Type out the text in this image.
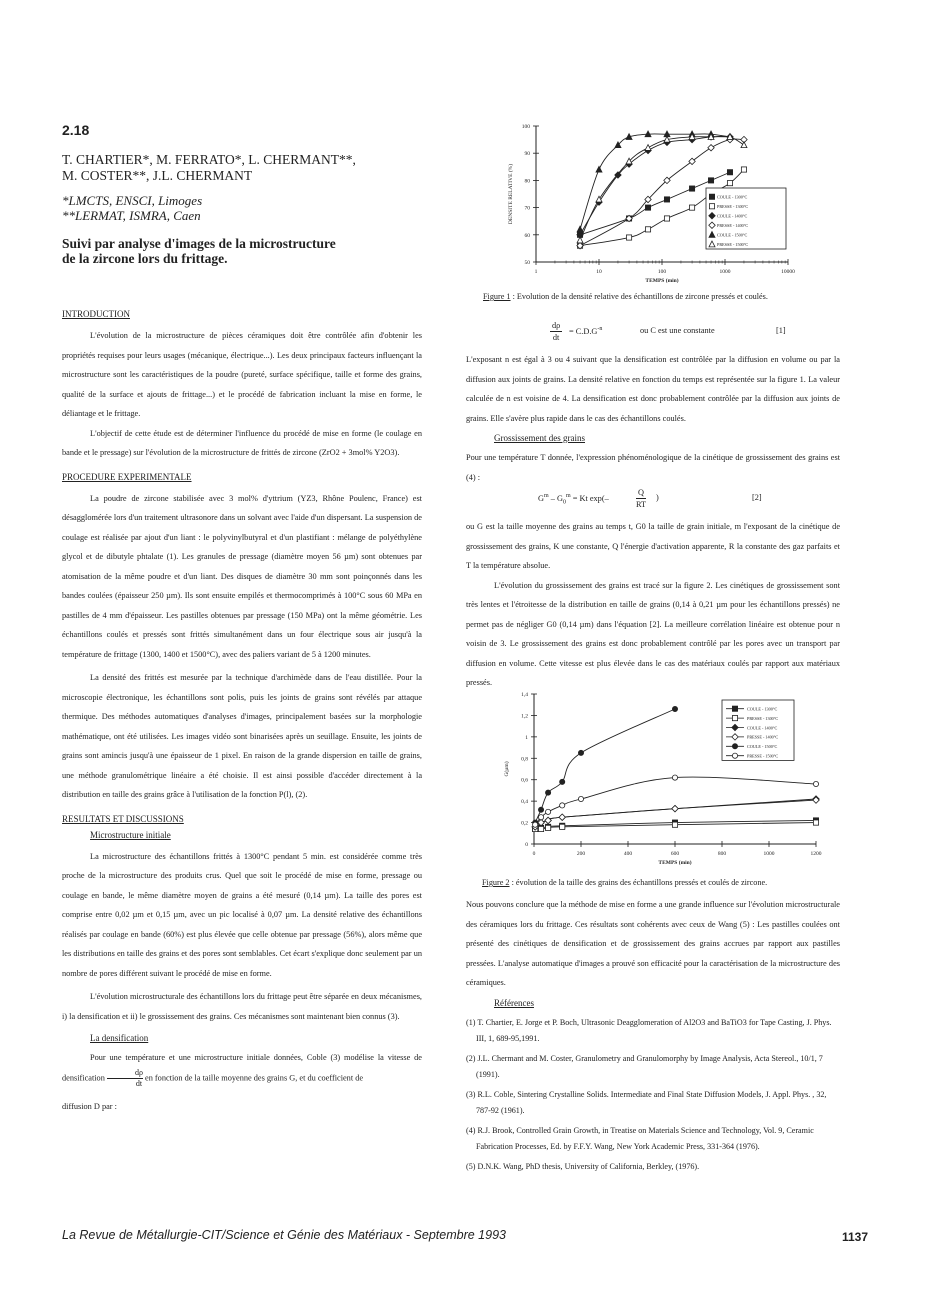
2.18
T. CHARTIER*, M. FERRATO*, L. CHERMANT**,
M. COSTER**, J.L. CHERMANT
*LMCTS, ENSCI, Limoges
**LERMAT, ISMRA, Caen
Suivi par analyse d'images de la microstructure
de la zircone lors du frittage.

INTRODUCTION

L'évolution de la microstructure de pièces céramiques doit être contrôlée afin d'obtenir les propriétés requises pour leurs usages (mécanique, électrique...). Les deux principaux facteurs influençant la microstructure sont les caractéristiques de la poudre (pureté, surface spécifique, taille et forme des grains, qualité de la surface et ajouts de frittage...) et le procédé de fabrication incluant la mise en forme, le déliantage et le frittage.

L'objectif de cette étude est de déterminer l'influence du procédé de mise en forme (le coulage en bande et le pressage) sur l'évolution de la microstructure de frittés de zircone (ZrO2 + 3mol% Y2O3).

PROCEDURE EXPERIMENTALE

La poudre de zircone stabilisée avec 3 mol% d'yttrium (YZ3, Rhône Poulenc, France) est désagglomérée lors d'un traitement ultrasonore dans un solvant avec l'aide d'un dispersant. La suspension de coulage est réalisée par ajout d'un liant : le polyvinylbutyral et d'un plastifiant : mélange de polyéthylène glycol et de dibutyle phtalate (1). Les granules de pressage (diamètre moyen 56 µm) sont obtenues par atomisation de la même poudre et d'un liant. Des disques de diamètre 30 mm sont poinçonnés dans les bandes coulées (épaisseur 250 µm). Ils sont ensuite empilés et thermocomprimés à 100°C sous 60 MPa en pastilles de 4 mm d'épaisseur. Les pastilles obtenues par pressage (150 MPa) ont la même géométrie. Les échantillons coulés et pressés sont frittés simultanément dans un four électrique sous air jusqu'à la température de frittage (1300, 1400 et 1500°C), avec des paliers variant de 5 à 1200 minutes.

La densité des frittés est mesurée par la technique d'archimède dans de l'eau distillée. Pour la microscopie électronique, les échantillons sont polis, puis les joints de grains sont révélés par attaque thermique. Des méthodes automatiques d'analyses d'images, principalement basées sur la morphologie mathématique, ont été utilisées. Les images vidéo sont binarisées après un seuillage. Ensuite, les joints de grains sont amincis jusqu'à une épaisseur de 1 pixel. En raison de la grande dispersion en taille de grains, une méthode granulométrique linéaire a été choisie. Il est ainsi possible d'accéder directement à la distribution en taille des grains grâce à l'utilisation de la fonction P(l), (2).

RESULTATS ET DISCUSSIONS

Microstructure initiale

La microstructure des échantillons frittés à 1300°C pendant 5 min. est considérée comme très proche de la microstructure des produits crus. Quel que soit le procédé de mise en forme, pressage ou coulage en bande, le même diamètre moyen de grains a été mesuré (0,14 µm). La taille des pores est comprise entre 0,02 µm et 0,15 µm, avec un pic localisé à 0,07 µm. La densité relative des échantillons réalisés par coulage en bande (60%) est plus élevée que celle obtenue par pressage (56%), alors même que les distributions en taille des grains et des pores sont semblables. Cet écart s'explique donc seulement par un nombre de pores différent suivant le procédé de mise en forme.

L'évolution microstructurale des échantillons lors du frittage peut être séparée en deux mécanismes, i) la densification et ii) le grossissement des grains. Ces mécanismes sont maintenant bien connus (3).

La densification

Pour une température et une microstructure initiale données, Coble (3) modélise la vitesse de densification $\frac{d\rho}{dt}$ en fonction de la taille moyenne des grains G, et du coefficient de

diffusion D par :

100
90
80
70
60
50
1	10	100	1000	10000
TEMPS (min)
DENSITE RELATIVE (%)	COULE - 1300°C
PRESSE - 1300°C
COULE - 1400°C
PRESSE - 1400°C
COULE - 1500°C
PRESSE - 1500°C
Figure 1 : Evolution de la densité relative des échantillons de zircone pressés et coulés.
$\frac{d\rho}{dt} = C.D.G^{-n}$	ou C est une constante	[1]

L'exposant n est égal à 3 ou 4 suivant que la densification est contrôlée par la diffusion en volume ou par la diffusion aux joints de grains. La densité relative en fonction du temps est représentée sur la figure 1. La valeur calculée de n est voisine de 4. La densification est donc probablement contrôlée par la diffusion aux joints de grains. Elle s'avère plus rapide dans le cas des échantillons coulés.

Grossissement des grains

Pour une température T donnée, l'expression phénoménologique de la cinétique de grossissement des grains est (4) :

$G^m - G_0^m = Kt$ exp(–	$\frac{Q}{RT}$ )	[2]

ou G est la taille moyenne des grains au temps t, G0 la taille de grain initiale, m l'exposant de la cinétique de grossissement des grains, K une constante, Q l'énergie d'activation apparente, R la constante des gaz parfaits et T la température absolue.

L'évolution du grossissement des grains est tracé sur la figure 2. Les cinétiques de grossissement sont très lentes et l'étroitesse de la distribution en taille de grains (0,14 à 0,21 µm pour les échantillons pressés) ne permet pas de négliger G0 (0,14 µm) dans l'équation [2]. La meilleure corrélation linéaire est obtenue pour n voisin de 3. Le grossissement des grains est donc probablement contrôlé par les pores avec un transport par diffusion en volume. Cette vitesse est plus élevée dans le cas des matériaux coulés par rapport aux matériaux pressés.

1,4
1,2
1
0,8
0,6
0,4
0,2
0
0	200	400	600	800	1000	1200
TEMPS (min)
G(µm)
COULE - 1300°C
PRESSE - 1300°C
COULE - 1400°C
PRESSE - 1400°C
COULE - 1500°C
PRESSE - 1500°C
Figure 2 : évolution de la taille des grains des échantillons pressés et coulés de zircone.

Nous pouvons conclure que la méthode de mise en forme a une grande influence sur l'évolution microstructurale des céramiques lors du frittage. Ces résultats sont cohérents avec ceux de Wang (5) : Les pastilles coulées ont présenté des cinétiques de densification et de grossissement des grains accrues par rapport aux pastilles pressées. L'analyse automatique d'images a prouvé son efficacité pour la caractérisation de la microstructure des céramiques.

Références

(1) T. Chartier, E. Jorge et P. Boch, Ultrasonic Deagglomeration of Al2O3 and BaTiO3 for Tape Casting, J. Phys. III, 1, 689-95,1991.

(2) J.L. Chermant and M. Coster, Granulometry and Granulomorphy by Image Analysis, Acta Stereol., 10/1, 7 (1991).

(3) R.L. Coble, Sintering Crystalline Solids. Intermediate and Final State Diffusion Models, J. Appl. Phys. , 32, 787-92 (1961).

(4) R.J. Brook, Controlled Grain Growth, in Treatise on Materials Science and Technology, Vol. 9, Ceramic Fabrication Processes, Ed. by F.F.Y. Wang, New York Academic Press, 331-364 (1976).

(5) D.N.K. Wang, PhD thesis, University of California, Berkley, (1976).

La Revue de Métallurgie-CIT/Science et Génie des Matériaux - Septembre 1993	1137
